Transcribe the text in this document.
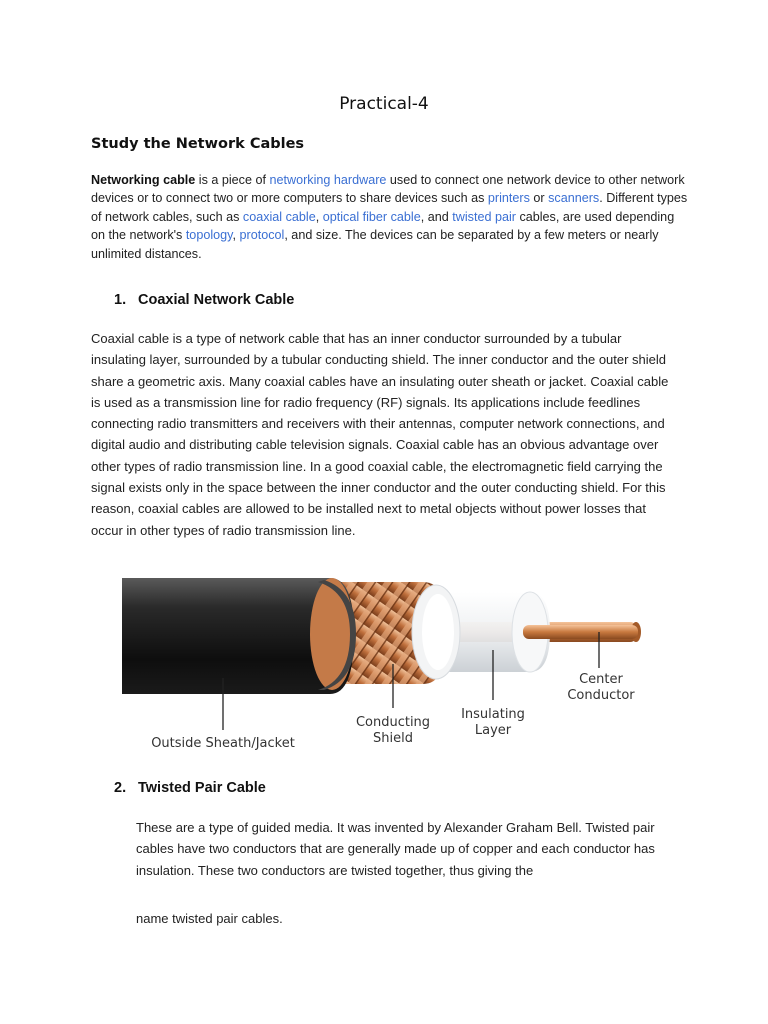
Practical-4
Study the Network Cables
Networking cable is a piece of networking hardware used to connect one network device to other network devices or to connect two or more computers to share devices such as printers or scanners. Different types of network cables, such as coaxial cable, optical fiber cable, and twisted pair cables, are used depending on the network's topology, protocol, and size. The devices can be separated by a few meters or nearly unlimited distances.
1. Coaxial Network Cable
Coaxial cable is a type of network cable that has an inner conductor surrounded by a tubular insulating layer, surrounded by a tubular conducting shield. The inner conductor and the outer shield share a geometric axis. Many coaxial cables have an insulating outer sheath or jacket. Coaxial cable is used as a transmission line for radio frequency (RF) signals. Its applications include feedlines connecting radio transmitters and receivers with their antennas, computer network connections, and digital audio and distributing cable television signals. Coaxial cable has an obvious advantage over other types of radio transmission line. In a good coaxial cable, the electromagnetic field carrying the signal exists only in the space between the inner conductor and the outer conducting shield. For this reason, coaxial cables are allowed to be installed next to metal objects without power losses that occur in other types of radio transmission line.
Outside Sheath/Jacket
Conducting
Shield
Insulating
Layer
Center
Conductor
2. Twisted Pair Cable
These are a type of guided media. It was invented by Alexander Graham Bell. Twisted pair cables have two conductors that are generally made up of copper and each conductor has insulation. These two conductors are twisted together, thus giving the
name twisted pair cables.
